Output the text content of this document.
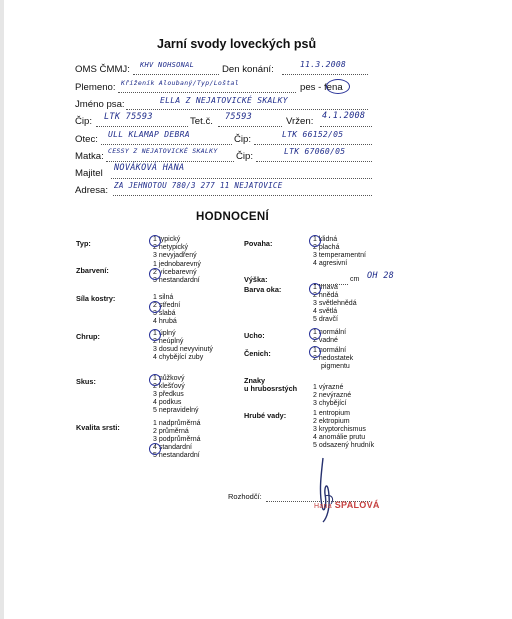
Jarní svody loveckých psů
OMS ČMMJ: KHV NOHSONAL	Den konání:	11.3.2008
Plemeno: Kříženík Aloubaný/Typ/Loštal	pes - fena
Jméno psa:	ELLA Z NEJATOVICKÉ SKALKY
Čip: LTK 75593	Tet.č. 75593	Vržen: 4.1.2008
Otec: ULL KLAMAP DEBRA	Čip:	LTK 66152/05
Matka: CESSY Z NEJATOVICKÉ SKALKY Čip:	LTK 67060/05
Majitel NOVÁKOVÁ HANA
Adresa: ZA JEHNOTOU 780/3 277 11 NEJATOVICE
HODNOCENÍ
Typ:	1 typický
2 netypický
3 nevyjadřený
Zbarvení:
1 jednobarevný
2 vícebarevný
3 nestandardní
Síla kostry:	1 silná
2 střední
3 slabá
4 hrubá
Chrup:	1 úplný
2 neúplný
3 dosud nevyvinutý
4 chybějící zuby
Skus:	1 nůžkový
2 klešťový
3 předkus
4 podkus
5 nepravidelný
Kvalita srsti:	1 nadprůměrná
2 průměrná
3 podprůměrná
4 standardní
5 nestandardní
Povaha:	1 klidná
2 plachá
3 temperamentní
4 agresivní
Výška:	cm OH 28
Barva oka:	1 tmavá
2 hnědá
3 světlehnědá
4 světlá
5 dravčí
Ucho:	1 normální
2 vadné
Čenich:	1 normální
2 nedostatek
pigmentu
Znaky
u hrubosrstých 1 výrazné
2 nevýrazné
3 chybějící
Hrubé vady:	1 entropium
2 ektropium
3 kryptorchismus
4 anomálie prutu
5 odsazený hrudník
Rozhodčí:
Hana SPALOVÁ
